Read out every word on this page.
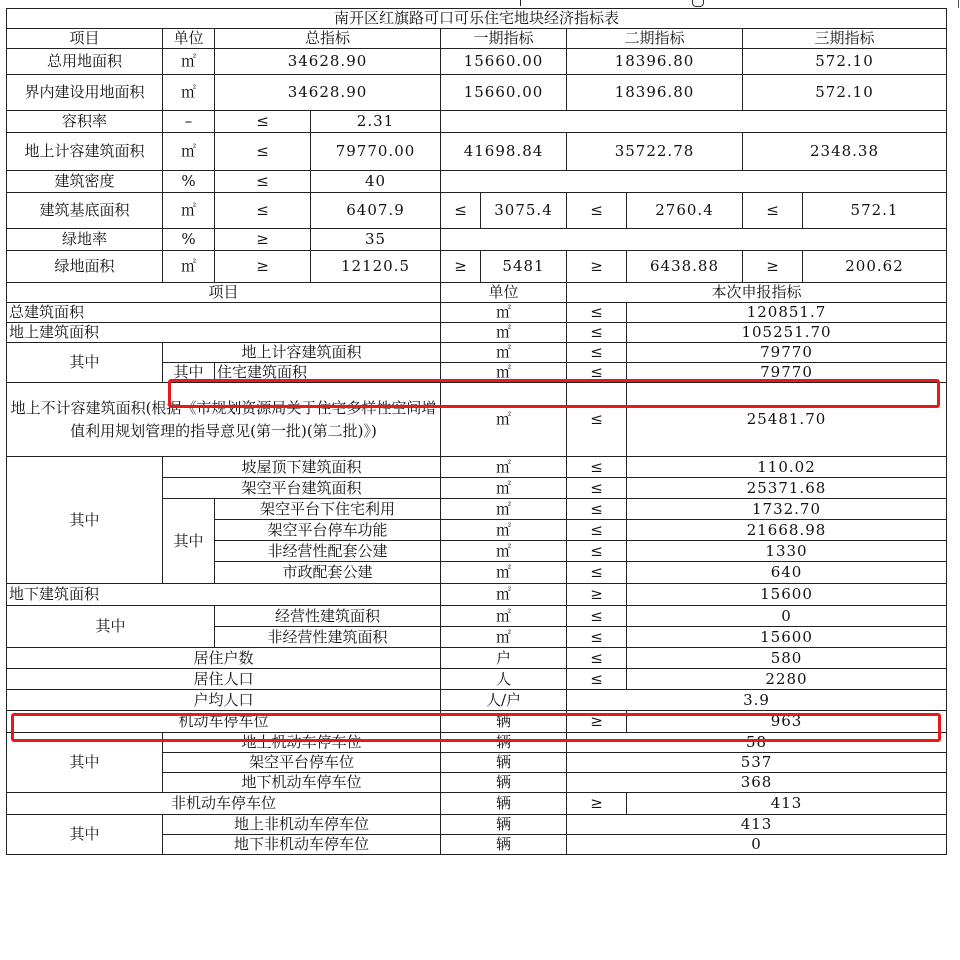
南开区红旗路可口可乐住宅地块经济指标表									
项目	单位	总指标		一期指标		二期指标		三期指标	
总用地面积	㎡	34628.90		15660.00		18396.80		572.10	
界内建设用地面积	㎡	34628.90		15660.00		18396.80		572.10	
容积率	–	≤	2.31						
地上计容建筑面积	㎡	≤	79770.00	41698.84		35722.78		2348.38	
建筑密度	%	≤	40						
建筑基底面积	㎡	≤	6407.9	≤	3075.4	≤	2760.4	≤	572.1
绿地率	%	≥	35						
绿地面积	㎡	≥	12120.5	≥	5481	≥	6438.88	≥	200.62
项目				单位		本次申报指标			
总建筑面积				㎡		≤	120851.7		
地上建筑面积				㎡		≤	105251.70		
其中	地上计容建筑面积			㎡		≤	79770		
	其中	住宅建筑面积		㎡		≤	79770		
地上不计容建筑面积(根据《市规划资源局关于住宅多样性空间增值利用规划管理的指导意见(第一批)(第二批)》)				㎡		≤	25481.70		
其中	坡屋顶下建筑面积			㎡		≤	110.02		
	架空平台建筑面积			㎡		≤	25371.68		
	其中	架空平台下住宅利用		㎡		≤	1732.70		
		架空平台停车功能		㎡		≤	21668.98		
		非经营性配套公建		㎡		≤	1330		
		市政配套公建		㎡		≤	640		
地下建筑面积				㎡		≥	15600		
其中		经营性建筑面积		㎡		≤	0		
		非经营性建筑面积		㎡		≤	15600		
居住户数				户		≤	580		
居住人口				人		≤	2280		
户均人口				人/户		3.9			
机动车停车位				辆		≥	963		
其中	地上机动车停车位			辆		58			
	架空平台停车位			辆		537			
	地下机动车停车位			辆		368			
非机动车停车位				辆		≥	413		
其中	地上非机动车停车位			辆		413			
	地下非机动车停车位			辆		0			
